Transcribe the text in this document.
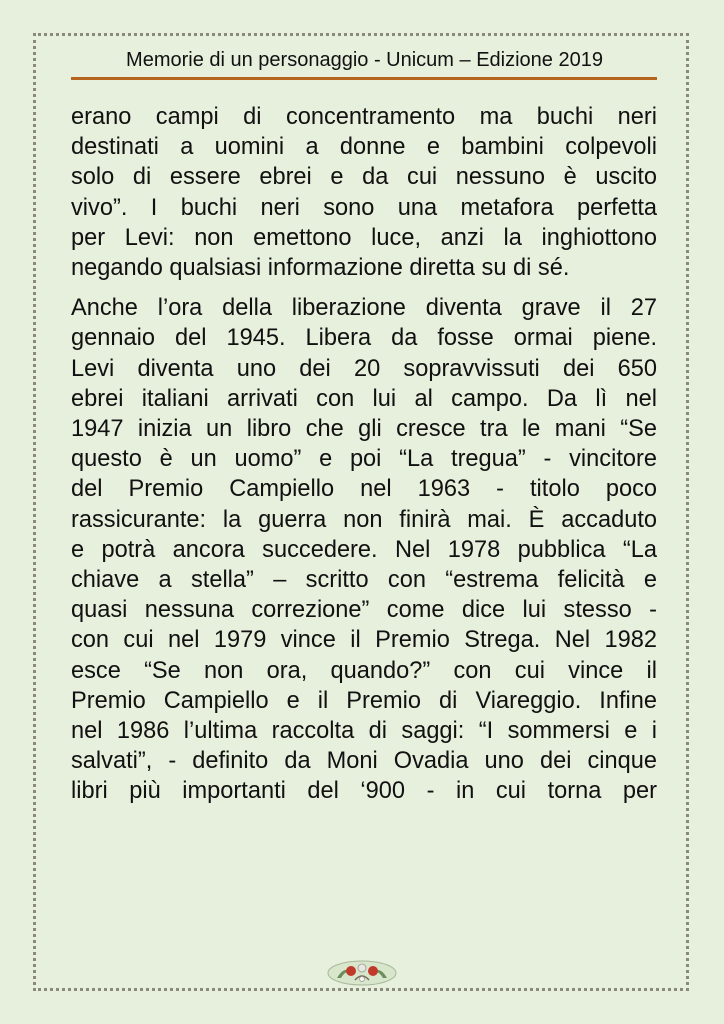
Memorie di un personaggio - Unicum – Edizione 2019
erano campi di concentramento ma buchi neri
destinati a uomini a donne e bambini colpevoli
solo di essere ebrei e da cui nessuno è uscito
vivo”. I buchi neri sono una metafora perfetta
per Levi: non emettono luce, anzi la inghiottono
negando qualsiasi informazione diretta su di sé.
Anche l’ora della liberazione diventa grave il 27
gennaio del 1945. Libera da fosse ormai piene.
Levi diventa uno dei 20 sopravvissuti dei 650
ebrei italiani arrivati con lui al campo. Da lì nel
1947 inizia un libro che gli cresce tra le mani “Se
questo è un uomo” e poi “La tregua” - vincitore
del Premio Campiello nel 1963 - titolo poco
rassicurante: la guerra non finirà mai. È accaduto
e potrà ancora succedere. Nel 1978 pubblica “La
chiave a stella” – scritto con “estrema felicità e
quasi nessuna correzione” come dice lui stesso -
con cui nel 1979 vince il Premio Strega. Nel 1982
esce “Se non ora, quando?” con cui vince il
Premio Campiello e il Premio di Viareggio. Infine
nel 1986 l’ultima raccolta di saggi: “I sommersi e i
salvati”, - definito da Moni Ovadia uno dei cinque
libri più importanti del ‘900 - in cui torna per
